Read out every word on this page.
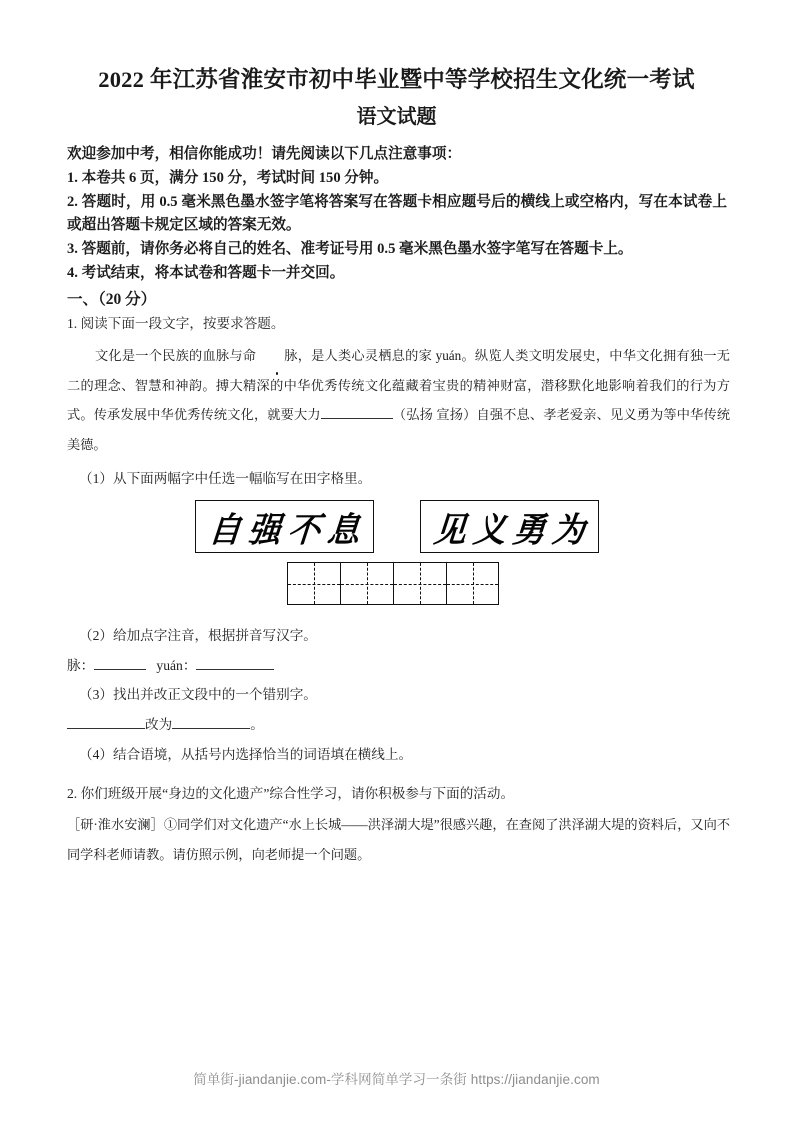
2022 年江苏省淮安市初中毕业暨中等学校招生文化统一考试
语文试题

欢迎参加中考，相信你能成功！请先阅读以下几点注意事项：

1. 本卷共 6 页，满分 150 分，考试时间 150 分钟。

2. 答题时，用 0.5 毫米黑色墨水签字笔将答案写在答题卡相应题号后的横线上或空格内，写在本试卷上或超出答题卡规定区域的答案无效。

3. 答题前，请你务必将自己的姓名、准考证号用 0.5 毫米黑色墨水签字笔写在答题卡上。

4. 考试结束，将本试卷和答题卡一并交回。

一、（20 分）
1. 阅读下面一段文字，按要求答题。
文化是一个民族的血脉与命 脉，是人类心灵栖息的家 yuán。纵览人类文明发展史，中华文化拥有独一无二的理念、智慧和神韵。搏大精深的中华优秀传统文化蕴藏着宝贵的精神财富，潜移默化地影响着我们的行为方式。传承发展中华优秀传统文化，就要大力	（弘扬 宣扬）自强不息、孝老爱亲、见义勇为等中华传统美德。
（1）从下面两幅字中任选一幅临写在田字格里。
自强不息 见义勇为
（2）给加点字注音，根据拼音写汉字。
脉：	yuán：
（3）找出并改正文段中的一个错别字。
改为	。
（4）结合语境，从括号内选择恰当的词语填在横线上。
2. 你们班级开展“身边的文化遗产”综合性学习，请你积极参与下面的活动。
［研·淮水安澜］①同学们对文化遗产“水上长城——洪泽湖大堤”很感兴趣，在查阅了洪泽湖大堤的资料后，又向不同学科老师请教。请仿照示例，向老师提一个问题。
简单街-jiandanjie.com-学科网简单学习一条街 https://jiandanjie.com
